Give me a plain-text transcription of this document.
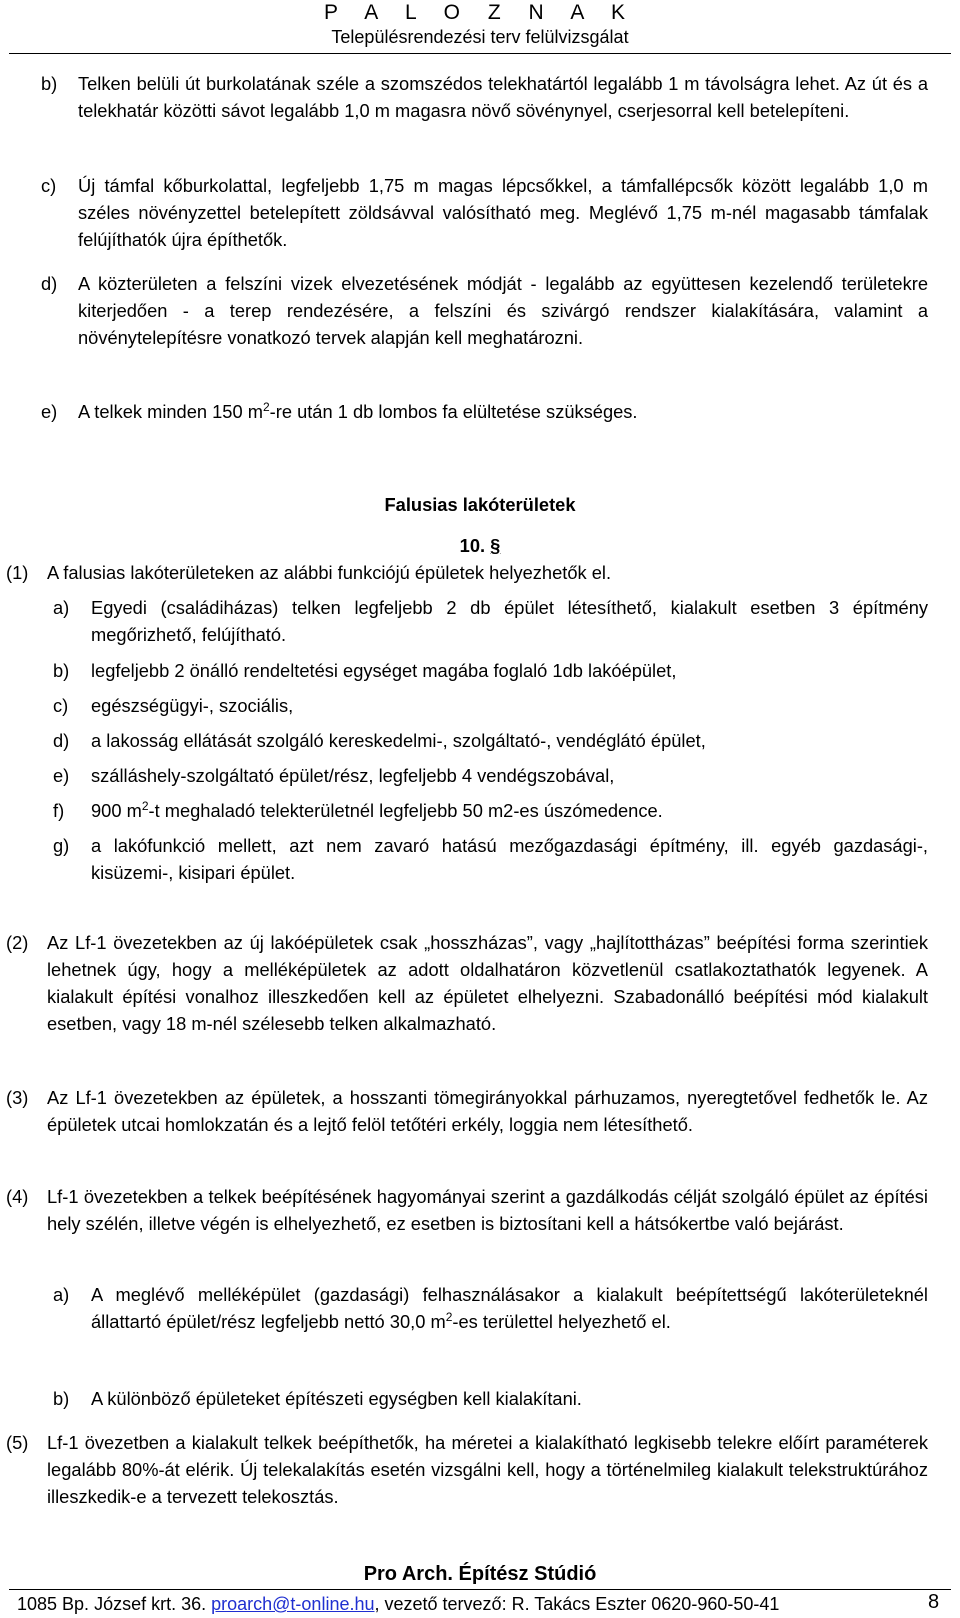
P A L O Z N A K
Településrendezési terv felülvizsgálat
b) Telken belüli út burkolatának széle a szomszédos telekhatártól legalább 1 m távolságra lehet. Az út és a telekhatár közötti sávot legalább 1,0 m magasra növő sövénynyel, cserjesorral kell betelepíteni.
c) Új támfal kőburkolattal, legfeljebb 1,75 m magas lépcsőkkel, a támfallépcsők között legalább 1,0 m széles növényzettel betelepített zöldsávval valósítható meg. Meglévő 1,75 m-nél magasabb támfalak felújíthatók újra építhetők.
d) A közterületen a felszíni vizek elvezetésének módját - legalább az együttesen kezelendő területekre kiterjedően - a terep rendezésére, a felszíni és szivárgó rendszer kialakítására, valamint a növénytelepítésre vonatkozó tervek alapján kell meghatározni.
e) A telkek minden 150 $m^2-re$ után 1 db lombos fa elültetése szükséges.
Falusias lakóterületek
10. §
(1) A falusias lakóterületeken az alábbi funkciójú épületek helyezhetők el.
a) Egyedi (családiházas) telken legfeljebb 2 db épület létesíthető, kialakult esetben 3 építmény megőrizhető, felújítható.
b) legfeljebb 2 önálló rendeltetési egységet magába foglaló 1db lakóépület,
c) egészségügyi-, szociális,
d) a lakosság ellátását szolgáló kereskedelmi-, szolgáltató-, vendéglátó épület,
e) szálláshely-szolgáltató épület/rész, legfeljebb 4 vendégszobával,
f) 900 $m^2-t$ meghaladó telekterületnél legfeljebb 50 m2-es úszómedence.
g) a lakófunkció mellett, azt nem zavaró hatású mezőgazdasági építmény, ill. egyéb gazdasági-, kisüzemi-, kisipari épület.
(2) Az Lf-1 övezetekben az új lakóépületek csak „hosszházas”, vagy „hajlítottházas” beépítési forma szerintiek lehetnek úgy, hogy a melléképületek az adott oldalhatáron közvetlenül csatlakoztathatók legyenek. A kialakult építési vonalhoz illeszkedően kell az épületet elhelyezni. Szabadonálló beépítési mód kialakult esetben, vagy 18 m-nél szélesebb telken alkalmazható.
(3) Az Lf-1 övezetekben az épületek, a hosszanti tömegirányokkal párhuzamos, nyeregtetővel fedhetők le. Az épületek utcai homlokzatán és a lejtő felöl tetőtéri erkély, loggia nem létesíthető.
(4) Lf-1 övezetekben a telkek beépítésének hagyományai szerint a gazdálkodás célját szolgáló épület az építési hely szélén, illetve végén is elhelyezhető, ez esetben is biztosítani kell a hátsókertbe való bejárást.
a) A meglévő melléképület (gazdasági) felhasználásakor a kialakult beépítettségű lakóterületeknél állattartó épület/rész legfeljebb nettó 30,0 $m^2-es$ területtel helyezhető el.
b) A különböző épületeket építészeti egységben kell kialakítani.
(5) Lf-1 övezetben a kialakult telkek beépíthetők, ha méretei a kialakítható legkisebb telekre előírt paraméterek legalább 80%-át elérik. Új telekalakítás esetén vizsgálni kell, hogy a történelmileg kialakult telekstruktúrához illeszkedik-e a tervezett telekosztás.
Pro Arch. Építész Stúdió
1085 Bp. József krt. 36. proarch@t-online.hu, vezető tervező: R. Takács Eszter 0620-960-50-41	8
